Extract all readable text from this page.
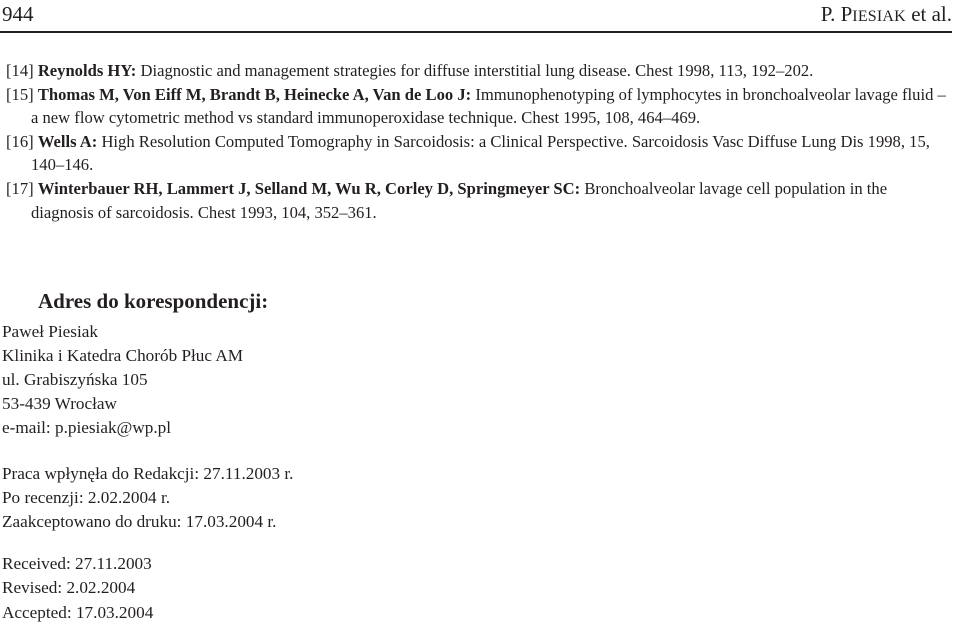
944	P. PIESIAK et al.

[14] Reynolds HY: Diagnostic and management strategies for diffuse interstitial lung disease. Chest 1998, 113, 192–202.

[15] Thomas M, Von Eiff M, Brandt B, Heinecke A, Van de Loo J: Immunophenotyping of lymphocytes in bronchoalveolar lavage fluid – a new flow cytometric method vs standard immunoperoxidase technique. Chest 1995, 108, 464–469.

[16] Wells A: High Resolution Computed Tomography in Sarcoidosis: a Clinical Perspective. Sarcoidosis Vasc Diffuse Lung Dis 1998, 15, 140–146.

[17] Winterbauer RH, Lammert J, Selland M, Wu R, Corley D, Springmeyer SC: Bronchoalveolar lavage cell population in the diagnosis of sarcoidosis. Chest 1993, 104, 352–361.

Adres do korespondencji:
Paweł Piesiak
Klinika i Katedra Chorób Płuc AM
ul. Grabiszyńska 105
53-439 Wrocław
e-mail: p.piesiak@wp.pl
Praca wpłynęła do Redakcji: 27.11.2003 r.
Po recenzji: 2.02.2004 r.
Zaakceptowano do druku: 17.03.2004 r.
Received: 27.11.2003
Revised: 2.02.2004
Accepted: 17.03.2004
